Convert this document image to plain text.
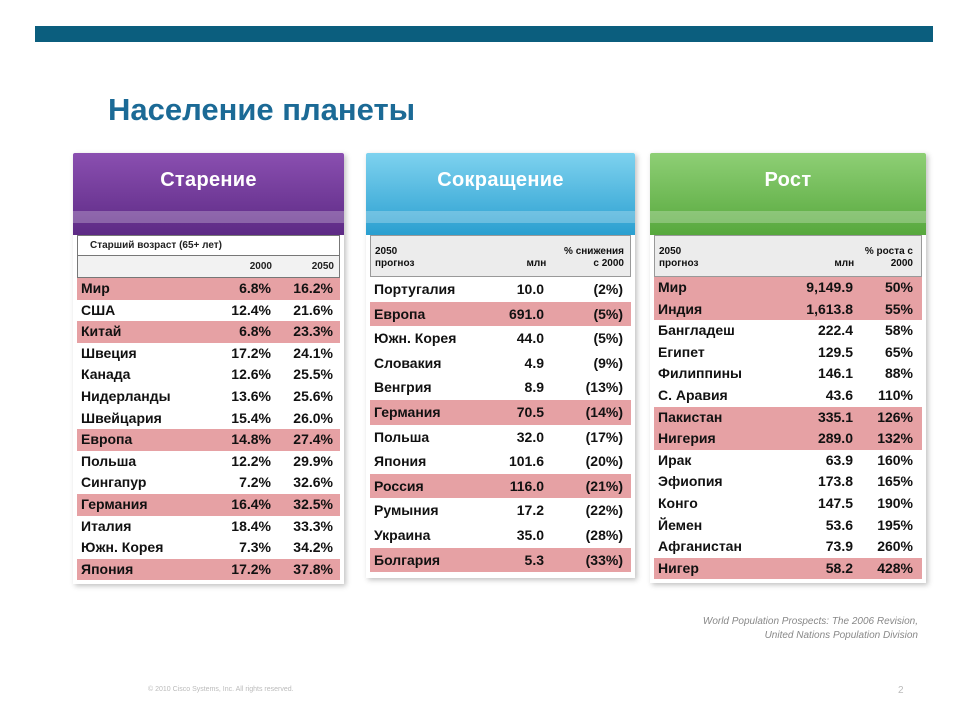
Население планеты
Старение
Старший возраст (65+ лет)
2000	2050
Мир	6.8%	16.2%
США	12.4%	21.6%
Китай	6.8%	23.3%
Швеция	17.2%	24.1%
Канада	12.6%	25.5%
Нидерланды	13.6%	25.6%
Швейцария	15.4%	26.0%
Европа	14.8%	27.4%
Польша	12.2%	29.9%
Сингапур	7.2%	32.6%
Германия	16.4%	32.5%
Италия	18.4%	33.3%
Южн. Корея	7.3%	34.2%
Япония	17.2%	37.8%
Сокращение
2050
прогноз	млн
% снижения
с 2000
Португалия	10.0	(2%)
Европа	691.0	(5%)
Южн. Корея	44.0	(5%)
Словакия	4.9	(9%)
Венгрия	8.9	(13%)
Германия	70.5	(14%)
Польша	32.0	(17%)
Япония	101.6	(20%)
Россия	116.0	(21%)
Румыния	17.2	(22%)
Украина	35.0	(28%)
Болгария	5.3	(33%)
Рост
2050
прогноз	млн
% роста с
2000
Мир	9,149.9	50%
Индия	1,613.8	55%
Бангладеш	222.4	58%
Египет	129.5	65%
Филиппины	146.1	88%
С. Аравия	43.6	110%
Пакистан	335.1	126%
Нигерия	289.0	132%
Ирак	63.9	160%
Эфиопия	173.8	165%
Конго	147.5	190%
Йемен	53.6	195%
Афганистан	73.9	260%
Нигер	58.2	428%
World Population Prospects: The 2006 Revision,
United Nations Population Division
© 2010 Cisco Systems, Inc. All rights reserved.	2
